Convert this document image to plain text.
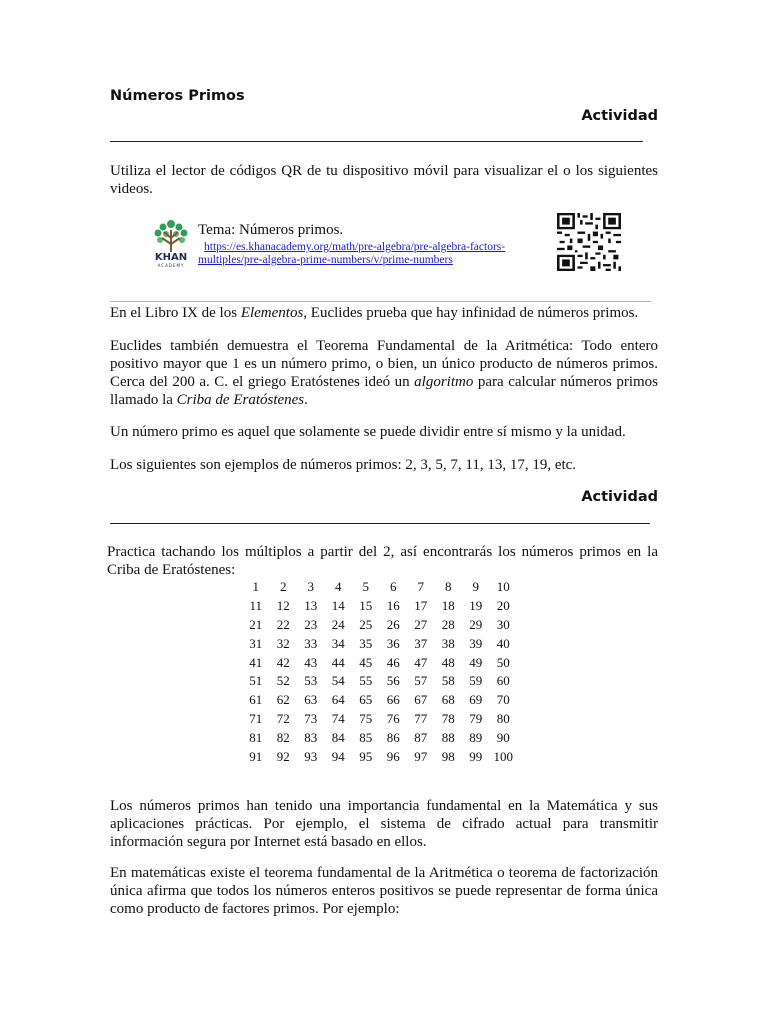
Números Primos
Actividad
Utiliza el lector de códigos QR de tu dispositivo móvil para visualizar el o los siguientes videos.
KHAN
ACADEMY
Tema: Números primos.
https://es.khanacademy.org/math/pre-algebra/pre-algebra-factors-
multiples/pre-algebra-prime-numbers/v/prime-numbers
En el Libro IX de los Elementos, Euclides prueba que hay infinidad de números primos.
Euclides también demuestra el Teorema Fundamental de la Aritmética: Todo entero positivo mayor que 1 es un número primo, o bien, un único producto de números primos. Cerca del 200 a. C. el griego Eratóstenes ideó un algoritmo para calcular números primos llamado la Criba de Eratóstenes.
Un número primo es aquel que solamente se puede dividir entre sí mismo y la unidad.
Los siguientes son ejemplos de números primos: 2, 3, 5, 7, 11, 13, 17, 19, etc.
Actividad
Practica tachando los múltiplos a partir del 2, así encontrarás los números primos en la Criba de Eratóstenes:
1	2	3	4	5	6	7	8	9	10
11	12	13	14	15	16	17	18	19	20
21	22	23	24	25	26	27	28	29	30
31	32	33	34	35	36	37	38	39	40
41	42	43	44	45	46	47	48	49	50
51	52	53	54	55	56	57	58	59	60
61	62	63	64	65	66	67	68	69	70
71	72	73	74	75	76	77	78	79	80
81	82	83	84	85	86	87	88	89	90
91	92	93	94	95	96	97	98	99	100
Los números primos han tenido una importancia fundamental en la Matemática y sus aplicaciones prácticas. Por ejemplo, el sistema de cifrado actual para transmitir información segura por Internet está basado en ellos.
En matemáticas existe el teorema fundamental de la Aritmética o teorema de factorización única afirma que todos los números enteros positivos se puede representar de forma única como producto de factores primos. Por ejemplo:
